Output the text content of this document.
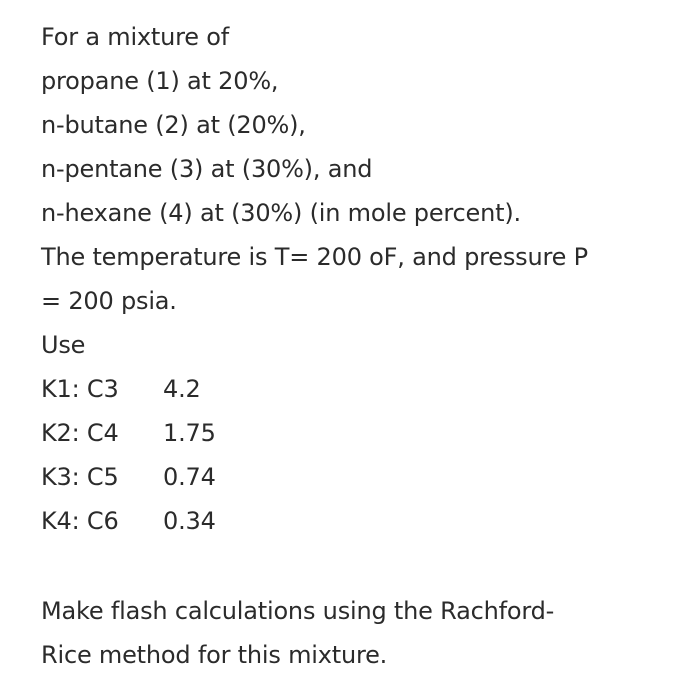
For a mixture of
propane (1) at 20%,
n-butane (2) at (20%),
n-pentane (3) at (30%), and
n-hexane (4) at (30%) (in mole percent).
The temperature is T= 200 oF, and pressure P
= 200 psia.
Use
K1: C3 4.2
K2: C4 1.75
K3: C5 0.74
K4: C6 0.34
Make flash calculations using the Rachford-
Rice method for this mixture.
